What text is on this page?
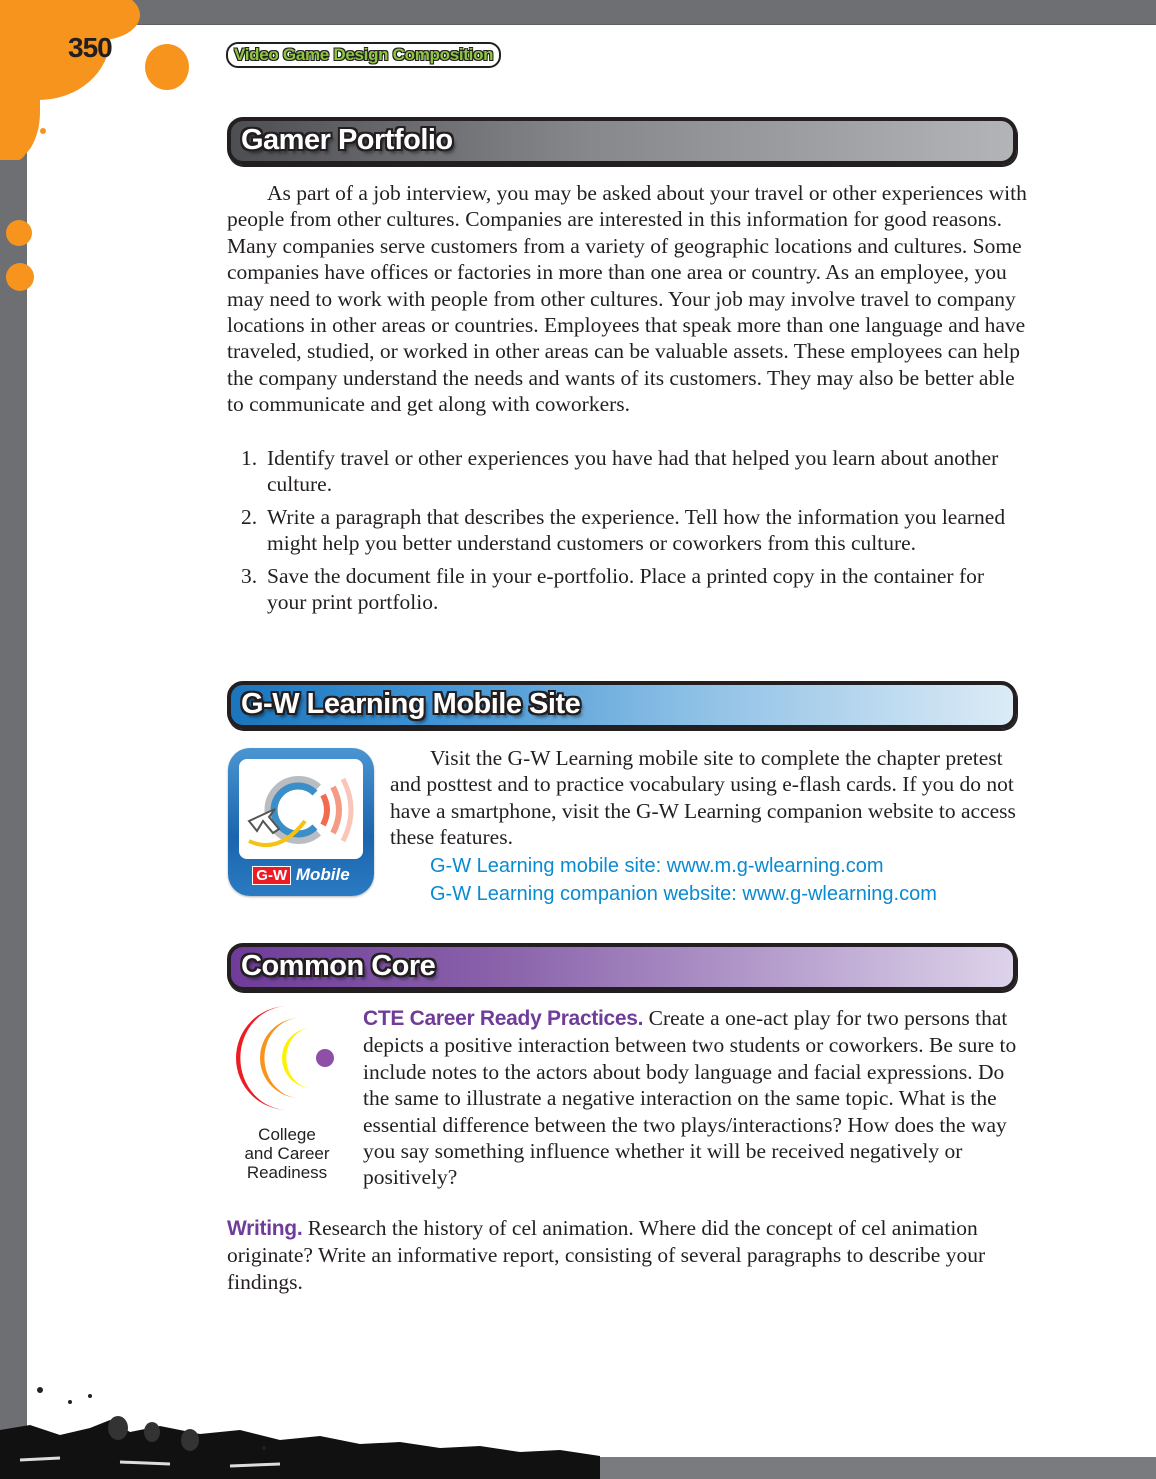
350	Video Game Design Composition
Gamer Portfolio

As part of a job interview, you may be asked about your travel or other experiences with people from other cultures. Companies are interested in this information for good reasons. Many companies serve customers from a variety of geographic locations and cultures. Some companies have offices or factories in more than one area or country. As an employee, you may need to work with people from other cultures. Your job may involve travel to company locations in other areas or countries. Employees that speak more than one language and have traveled, studied, or worked in other areas can be valuable assets. These employees can help the company understand the needs and wants of its customers. They may also be better able to communicate and get along with coworkers.

1. Identify travel or other experiences you have had that helped you learn about another culture.
2. Write a paragraph that describes the experience. Tell how the information you learned might help you better understand customers or coworkers from this culture.
3. Save the document file in your e-portfolio. Place a printed copy in the container for your print portfolio.
G-W Learning Mobile Site
G-W Mobile

Visit the G-W Learning mobile site to complete the chapter pretest and posttest and to practice vocabulary using e-flash cards. If you do not have a smartphone, visit the G-W Learning companion website to access these features.

G-W Learning mobile site: www.m.g-wlearning.com
G-W Learning companion website: www.g-wlearning.com
Common Core
College
and Career
Readiness

CTE Career Ready Practices. Create a one-act play for two persons that depicts a positive interaction between two students or coworkers. Be sure to include notes to the actors about body language and facial expressions. Do the same to illustrate a negative interaction on the same topic. What is the essential difference between the two plays/interactions? How does the way you say something influence whether it will be received negatively or positively?

Writing. Research the history of cel animation. Where did the concept of cel animation originate? Write an informative report, consisting of several paragraphs to describe your findings.
